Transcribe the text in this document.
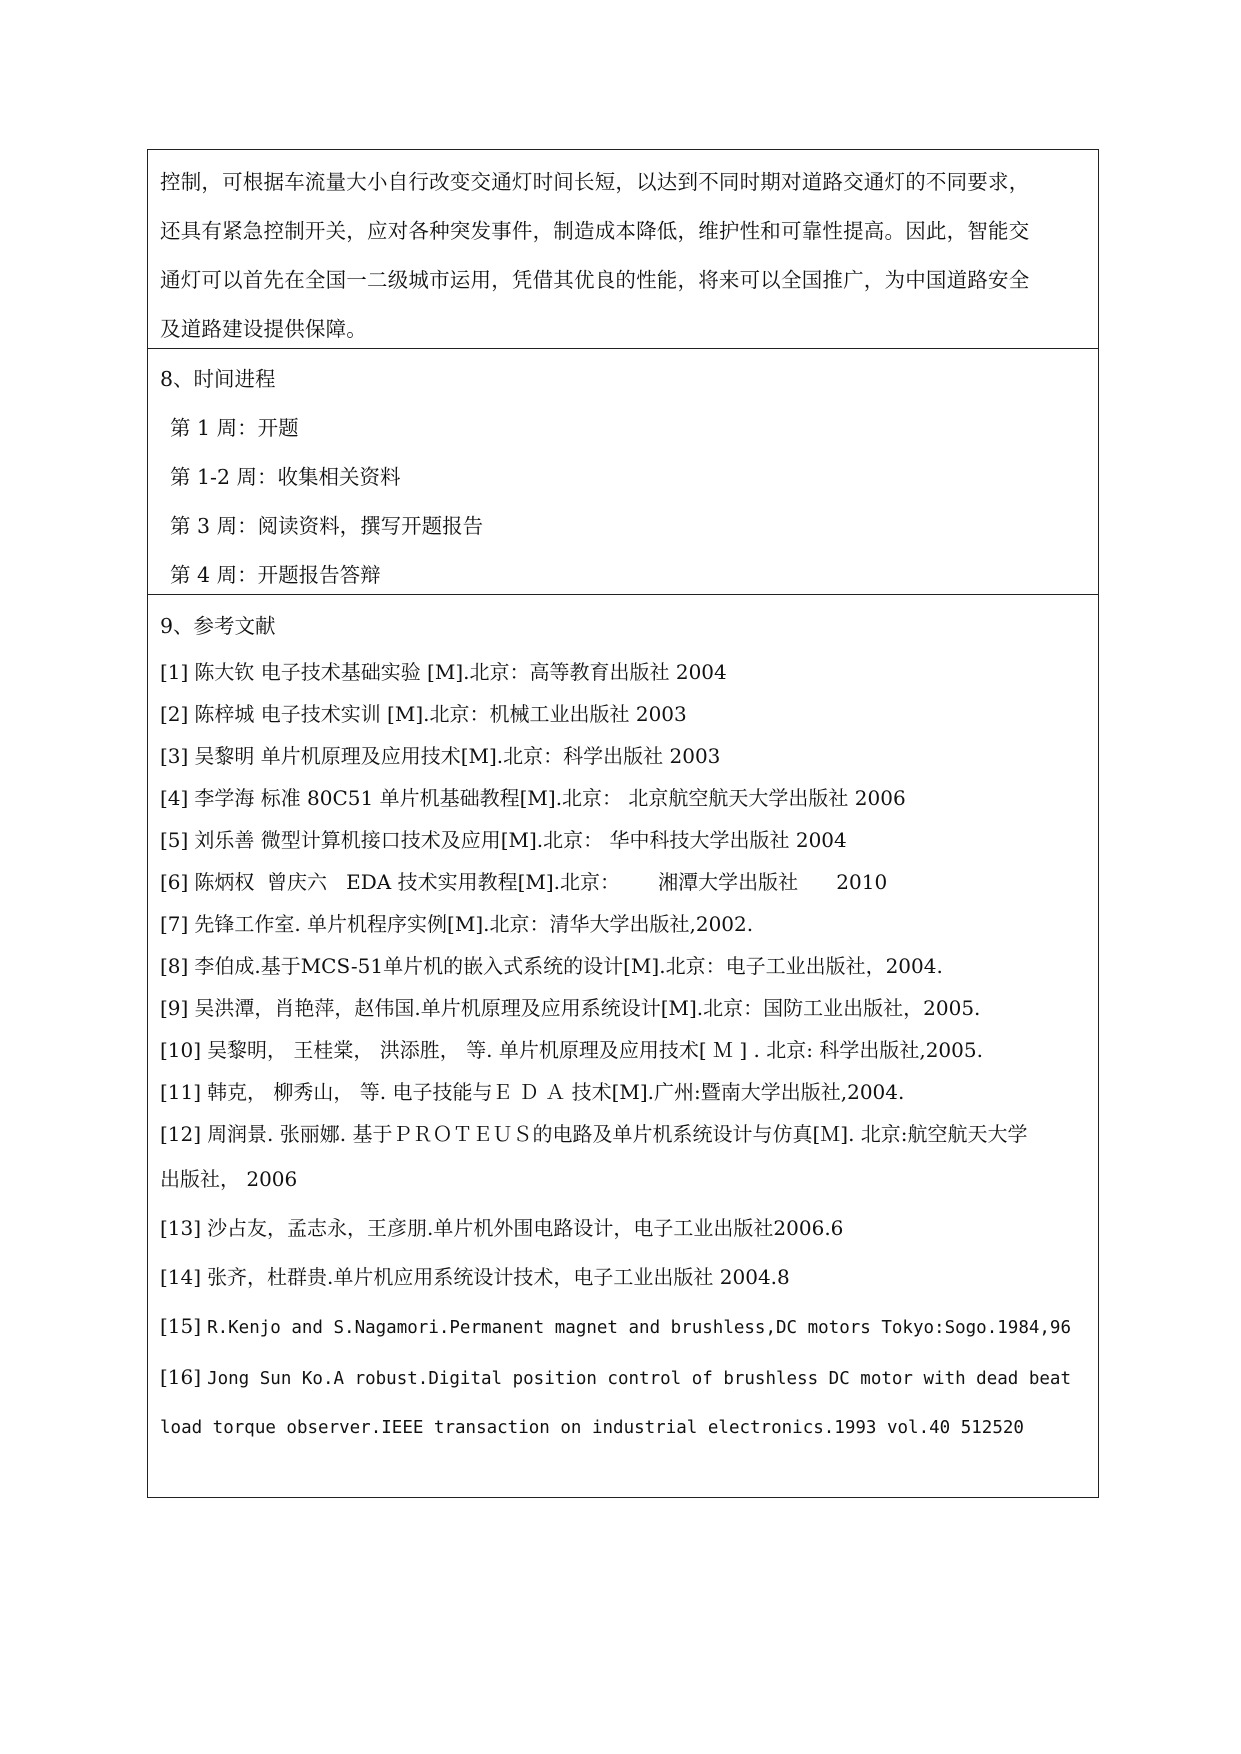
控制，可根据车流量大小自行改变交通灯时间长短，以达到不同时期对道路交通灯的不同要求，
还具有紧急控制开关，应对各种突发事件，制造成本降低，维护性和可靠性提高。因此，智能交
通灯可以首先在全国一二级城市运用，凭借其优良的性能，将来可以全国推广，为中国道路安全
及道路建设提供保障。
8、时间进程
第 1 周：开题
第 1-2 周：收集相关资料
第 3 周：阅读资料，撰写开题报告
第 4 周：开题报告答辩
9、参考文献
[1] 陈大钦 电子技术基础实验 [M].北京：高等教育出版社 2004
[2] 陈梓城 电子技术实训 [M].北京：机械工业出版社 2003
[3] 吴黎明 单片机原理及应用技术[M].北京：科学出版社 2003
[4] 李学海 标准 80C51 单片机基础教程[M].北京： 北京航空航天大学出版社 2006
[5] 刘乐善 微型计算机接口技术及应用[M].北京： 华中科技大学出版社 2004
[6] 陈炳权  曾庆六   EDA 技术实用教程[M].北京：      湘潭大学出版社      2010
[7] 先锋工作室. 单片机程序实例[M].北京：清华大学出版社,2002.
[8] 李伯成.基于MCS-51单片机的嵌入式系统的设计[M].北京：电子工业出版社，2004.
[9] 吴洪潭，肖艳萍，赵伟国.单片机原理及应用系统设计[M].北京：国防工业出版社，2005.
[10] 吴黎明， 王桂棠， 洪添胜， 等. 单片机原理及应用技术[ Ｍ ] . 北京: 科学出版社,2005.
[11] 韩克， 柳秀山， 等. 电子技能与Ｅ Ｄ Ａ 技术[M].广州:暨南大学出版社,2004.
[12] 周润景. 张丽娜. 基于ＰＲＯＴＥＵＳ的电路及单片机系统设计与仿真[Ｍ]. 北京:航空航天大学
出版社， 2006
[13] 沙占友，孟志永，王彦朋.单片机外围电路设计，电子工业出版社2006.6
[14] 张齐，杜群贵.单片机应用系统设计技术，电子工业出版社 2004.8
[15] R.Kenjo and S.Nagamori.Permanent magnet and brushless,DC motors Tokyo:Sogo.1984,96
[16] Jong Sun Ko.A robust.Digital position control of brushless DC motor with dead beat
load torque observer.IEEE transaction on industrial electronics.1993 vol.40 512520
